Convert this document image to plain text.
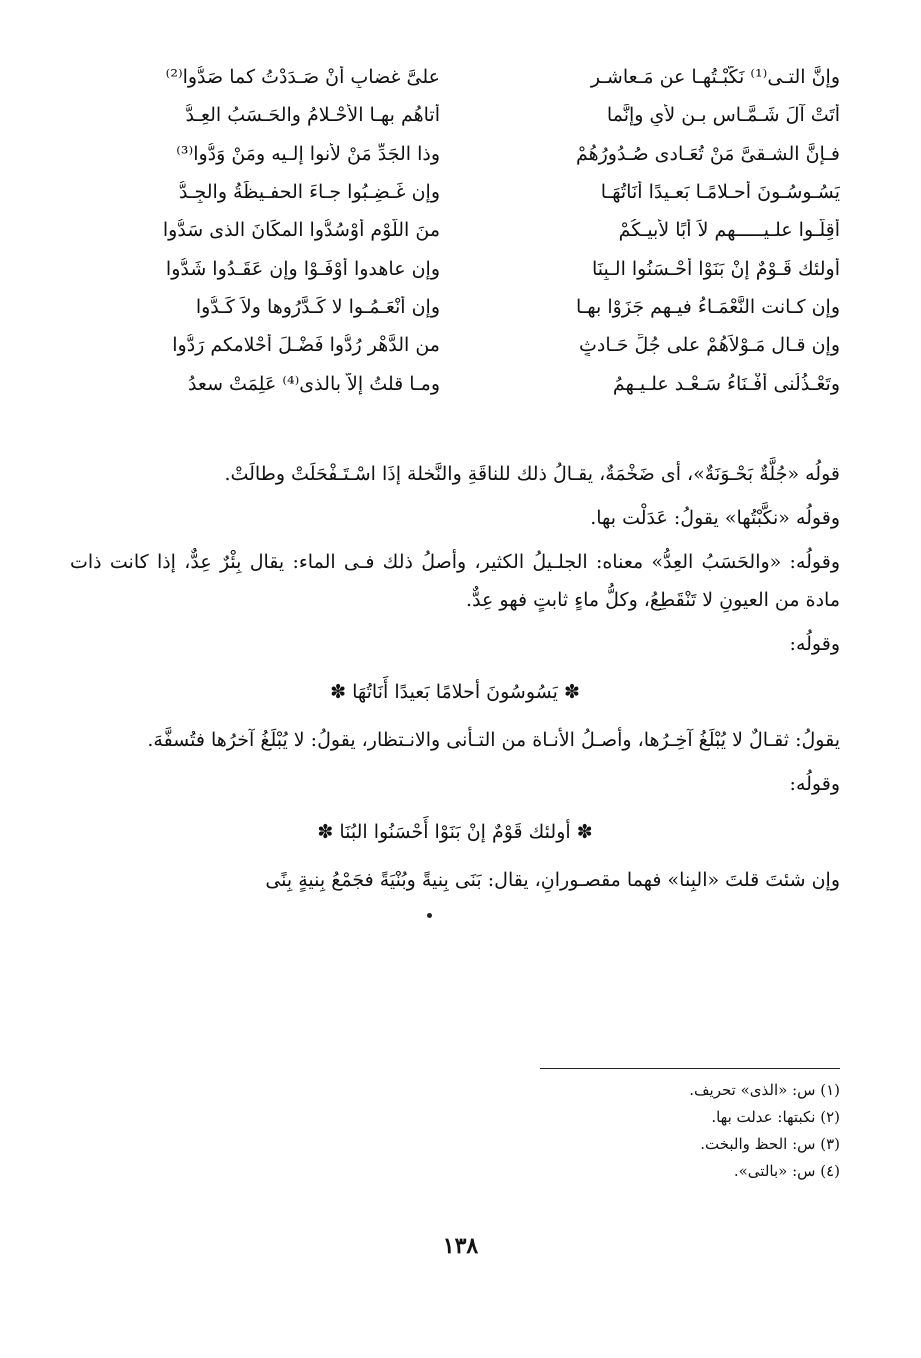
وإنَّ التـى⁽¹⁾ نَكَّبْـتُهـا عن مَـعاشـرٍ
علىَّ غضابٍ أنْ صَـدَدْتُ كما صَدُّوا⁽²⁾
أَتَتْ آلَ شَـمَّـاسِ بـنِ لأْىٍ وإنَّما
أتاهُم بهـا الأحْـلامُ والحَـسَبُ العِـدُّ
فـإنَّ الشـقىَّ مَنْ تُعَـادى صُـدُورُهُمْ
وذا الجَدِّ مَنْ لأنوا إلـيه ومَنْ وَدُّوا⁽³⁾
يَسُـوسُـونَ أحـلامًـا بَعـيدًا أَنَاتُهَـا
وإن غَـضِـبُوا جـاءَ الحفـيظَةُ والجِـدُّ
أَقِلُّـوا علـيـــــهم لاَ أَبًا لأبيـكُمْ
منَ اللَّوْمِ أَوْسُدُّوا المكَانَ الذى سَدُّوا
أُولئك قَـوْمٌ إنْ بَنَوْا أَحْـسَنُوا الـبِنَا
وإن عاهدوا أوْفَـوْا وإن عَقَـدُوا شَدُّوا
وإن كـانت النَّعْمَـاءُ فيـهم جَزَوْا بهـا
وإن أنْعَـمُـوا لا كَـدَّرُوها ولاَ كَـدُّوا
وإن قـال مَـوْلاَهُمْ على جُلِّ حَـادثٍ
من الدَّهْرِ رُدُّوا فَضْـلَ أَحْلامكم رَدُّوا
وتَعْـذُلُنى أَفْـنَاءُ سَـعْـد علـيـهمُ
ومـا قلتُ إلاَّ بالذى⁽⁴⁾ عَلِمَتْ سعدُ

قولُه «جُلَّةٌ بَحْـوَنَةٌ»، أى ضَخْمَةٌ، يقـالُ ذلك للناقَةِ والنَّخلة إذَا اسْـتَـفْحَلَتْ وطالَتْ.

وقولُه «نكَّبْتُها» يقولُ: عَدَلْت بها.

وقولُه: «والحَسَبُ العِدُّ» معناه: الجلـيلُ الكثير، وأصلُ ذلك فـى الماء: يقال بِئْرٌ عِدٌّ، إذا كانت ذات مادة من العيونِ لا تَنْقَطِعُ، وكلُّ ماءٍ ثابتٍ فهو عِدٌّ.

وقولُه:

✽ يَسُوسُونَ أحلامًا بَعيدًا أَنَاتُهَا ✽

يقولُ: ثقـالٌ لا يُبْلَغُ آخِـرُها، وأصـلُ الأنـاة من التـأنى والانـتظار، يقولُ: لا يُبْلَغُ آخرُها فتُسفَّهَ.

وقولُه:

✽ أولئك قَوْمٌ إنْ بَنَوْا أَحْسَنُوا البُنَا ✽

وإن شئتَ قلتَ «البِنا» فهما مقصـورانِ، يقال: بَنَى بِنيةً وبُنْيَةً فجَمْعُ بِنيةٍ بِنًى

(١) س: «الذى» تحريف.
(٢) نكبتها: عدلت بها.
(٣) س: الحظ والبخت.
(٤) س: «بالتى».
١٣٨
